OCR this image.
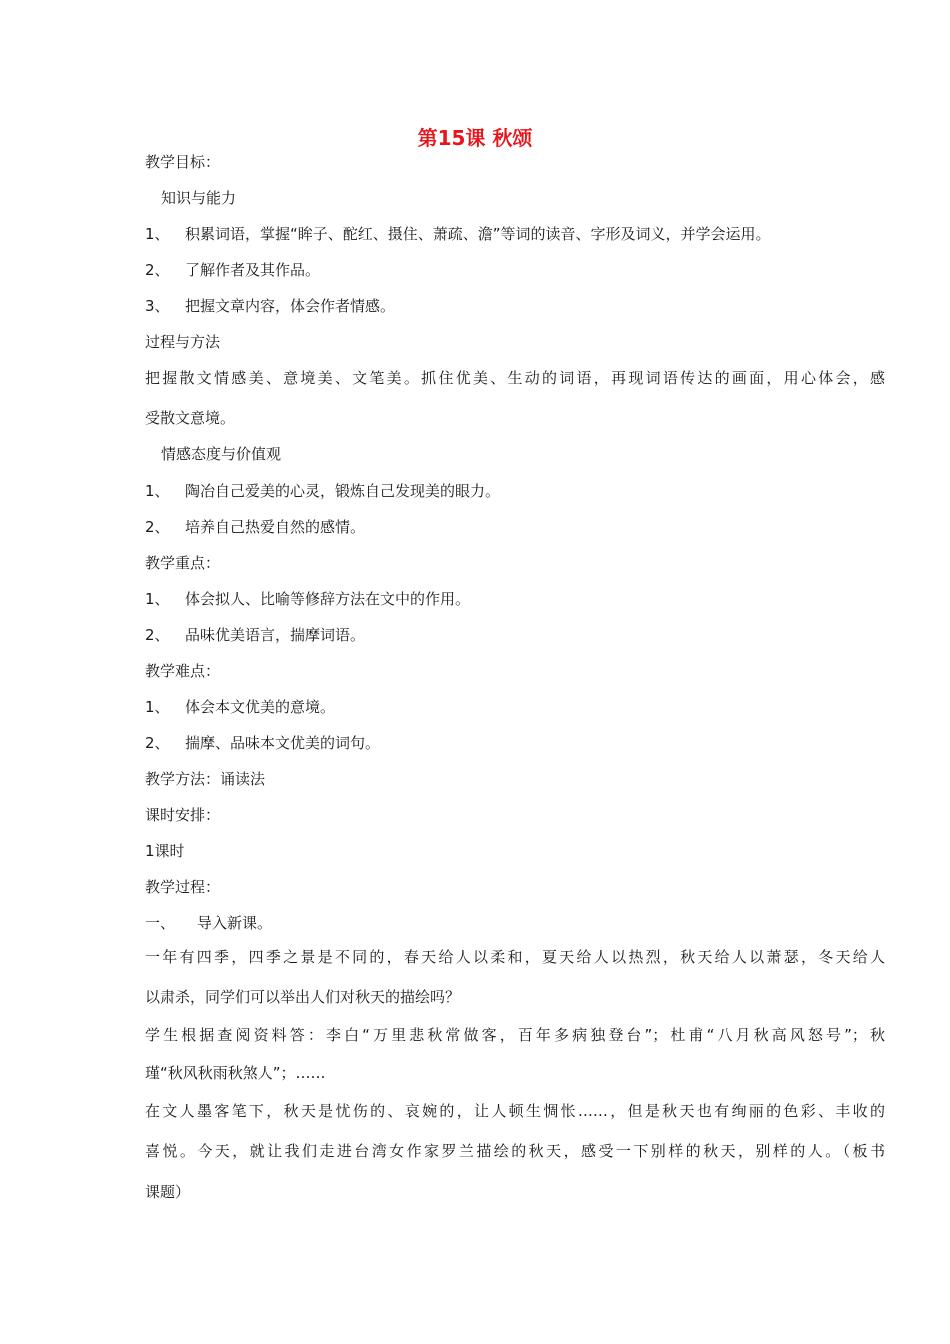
第15课 秋颂
教学目标：
知识与能力
1、 积累词语，掌握“眸子、酡红、摄住、萧疏、澹”等词的读音、字形及词义，并学会运用。
2、 了解作者及其作品。
3、 把握文章内容，体会作者情感。
过程与方法
把握散文情感美、意境美、文笔美。抓住优美、生动的词语，再现词语传达的画面，用心体会，感
受散文意境。
情感态度与价值观
1、 陶冶自己爱美的心灵，锻炼自己发现美的眼力。
2、 培养自己热爱自然的感情。
教学重点：
1、 体会拟人、比喻等修辞方法在文中的作用。
2、 品味优美语言，揣摩词语。
教学难点：
1、 体会本文优美的意境。
2、 揣摩、品味本文优美的词句。
教学方法：诵读法
课时安排：
1课时
教学过程：
一、 导入新课。
一年有四季，四季之景是不同的，春天给人以柔和，夏天给人以热烈，秋天给人以萧瑟，冬天给人
以肃杀，同学们可以举出人们对秋天的描绘吗？
学生根据查阅资料答：李白“万里悲秋常做客，百年多病独登台”；杜甫“八月秋高风怒号”；秋
瑾“秋风秋雨秋煞人”；……
在文人墨客笔下，秋天是忧伤的、哀婉的，让人顿生惆怅……，但是秋天也有绚丽的色彩、丰收的
喜悦。今天，就让我们走进台湾女作家罗兰描绘的秋天，感受一下别样的秋天，别样的人。（板书
课题）
